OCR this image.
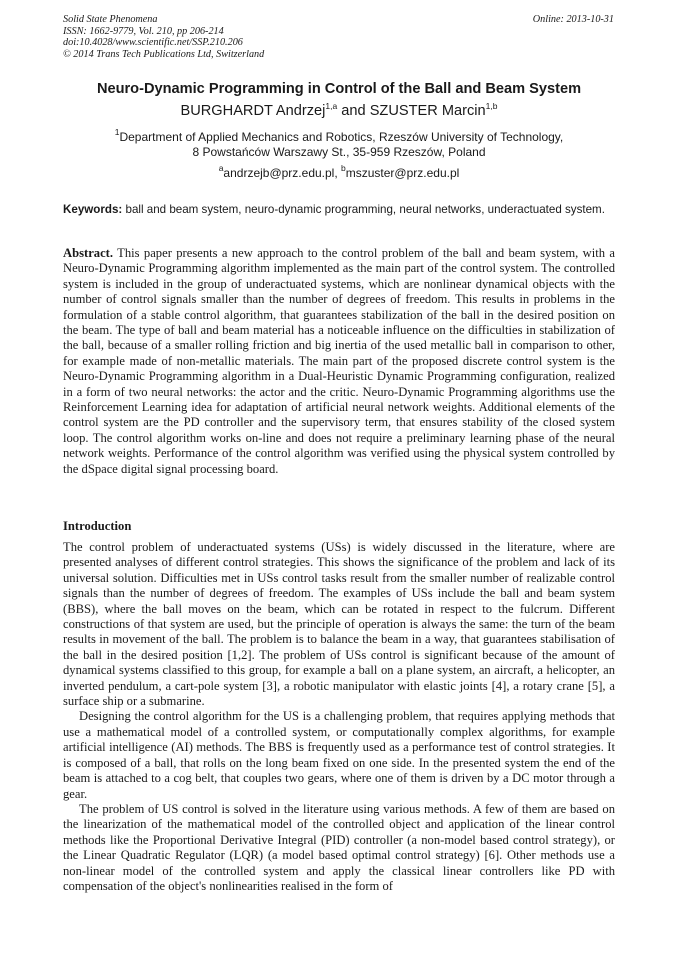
Solid State Phenomena
ISSN: 1662-9779, Vol. 210, pp 206-214
doi:10.4028/www.scientific.net/SSP.210.206
© 2014 Trans Tech Publications Ltd, Switzerland
Online: 2013-10-31
Neuro-Dynamic Programming in Control of the Ball and Beam System
BURGHARDT Andrzej$^{1,a}$ and SZUSTER Marcin$^{1,b}$
$^1$Department of Applied Mechanics and Robotics, Rzeszów University of Technology,
8 Powstańców Warszawy St., 35-959 Rzeszów, Poland
$^a$andrzejb@prz.edu.pl, $^b$mszuster@prz.edu.pl
Keywords: ball and beam system, neuro-dynamic programming, neural networks, underactuated system.
Abstract. This paper presents a new approach to the control problem of the ball and beam system, with a Neuro-Dynamic Programming algorithm implemented as the main part of the control system. The controlled system is included in the group of underactuated systems, which are nonlinear dynamical objects with the number of control signals smaller than the number of degrees of freedom. This results in problems in the formulation of a stable control algorithm, that guarantees stabilization of the ball in the desired position on the beam. The type of ball and beam material has a noticeable influence on the difficulties in stabilization of the ball, because of a smaller rolling friction and big inertia of the used metallic ball in comparison to other, for example made of non-metallic materials. The main part of the proposed discrete control system is the Neuro-Dynamic Programming algorithm in a Dual-Heuristic Dynamic Programming configuration, realized in a form of two neural networks: the actor and the critic. Neuro-Dynamic Programming algorithms use the Reinforcement Learning idea for adaptation of artificial neural network weights. Additional elements of the control system are the PD controller and the supervisory term, that ensures stability of the closed system loop. The control algorithm works on-line and does not require a preliminary learning phase of the neural network weights. Performance of the control algorithm was verified using the physical system controlled by the dSpace digital signal processing board.
Introduction

The control problem of underactuated systems (USs) is widely discussed in the literature, where are presented analyses of different control strategies. This shows the significance of the problem and lack of its universal solution. Difficulties met in USs control tasks result from the smaller number of realizable control signals than the number of degrees of freedom. The examples of USs include the ball and beam system (BBS), where the ball moves on the beam, which can be rotated in respect to the fulcrum. Different constructions of that system are used, but the principle of operation is always the same: the turn of the beam results in movement of the ball. The problem is to balance the beam in a way, that guarantees stabilisation of the ball in the desired position [1,2]. The problem of USs control is significant because of the amount of dynamical systems classified to this group, for example a ball on a plane system, an aircraft, a helicopter, an inverted pendulum, a cart-pole system [3], a robotic manipulator with elastic joints [4], a rotary crane [5], a surface ship or a submarine.

Designing the control algorithm for the US is a challenging problem, that requires applying methods that use a mathematical model of a controlled system, or computationally complex algorithms, for example artificial intelligence (AI) methods. The BBS is frequently used as a performance test of control strategies. It is composed of a ball, that rolls on the long beam fixed on one side. In the presented system the end of the beam is attached to a cog belt, that couples two gears, where one of them is driven by a DC motor through a gear.

The problem of US control is solved in the literature using various methods. A few of them are based on the linearization of the mathematical model of the controlled object and application of the linear control methods like the Proportional Derivative Integral (PID) controller (a non-model based control strategy), or the Linear Quadratic Regulator (LQR) (a model based optimal control strategy) [6]. Other methods use a non-linear model of the controlled system and apply the classical linear controllers like PD with compensation of the object's nonlinearities realised in the form of
